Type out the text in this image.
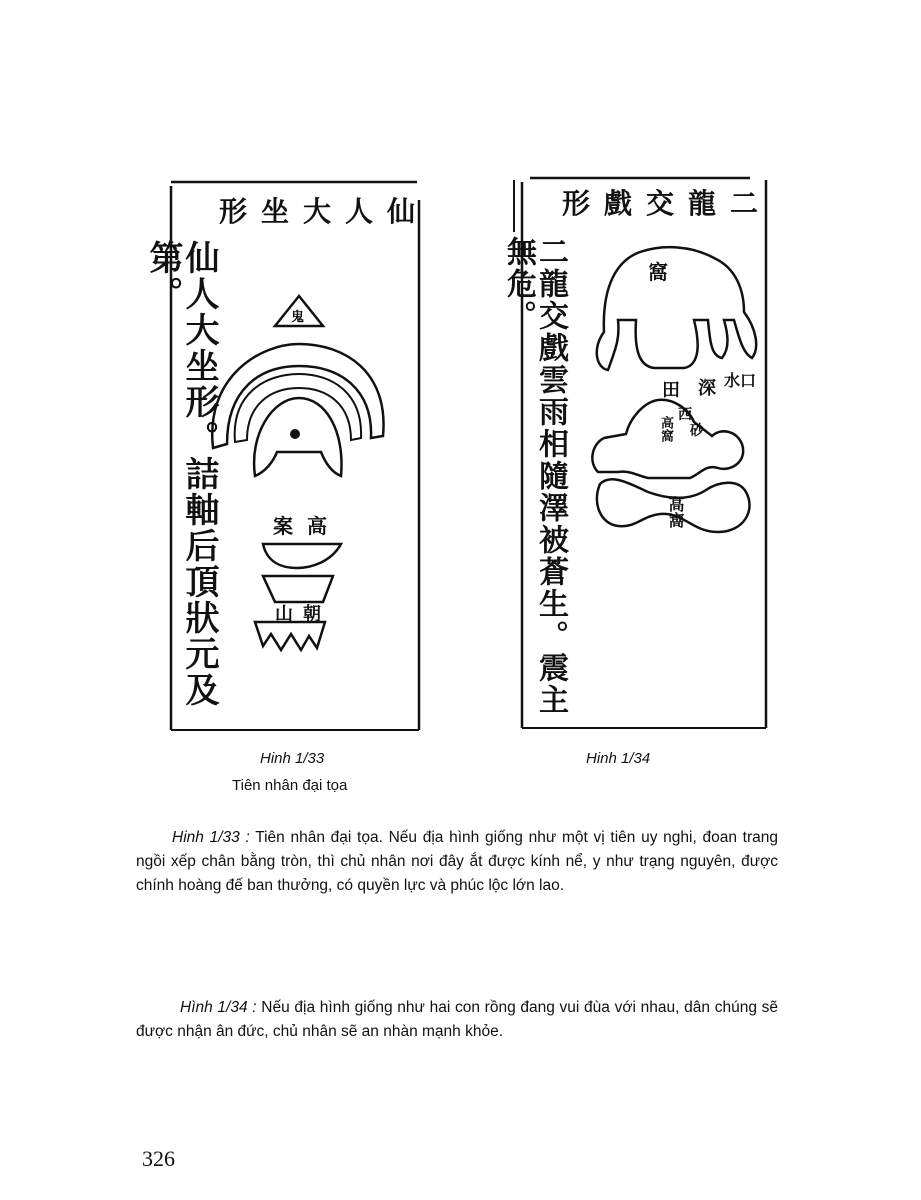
形坐大人仙
仙人大坐形。詰軸后頂狀元及第。
鬼
案高
山朝
Hinh 1/33
Tiên nhân đại tọa
形戲交龍二
二龍交戲雲雨相隨澤被蒼生。震主無危。	窩
水口
深
田
西
砂
高窩
高窩
Hinh 1/34
Hinh 1/33 : Tiên nhân đại tọa. Nếu địa hình giống như một vị tiên uy nghi, đoan trang ngồi xếp chân bằng tròn, thì chủ nhân nơi đây ắt được kính nể, y như trạng nguyên, được chính hoàng đế ban thưởng, có quyền lực và phúc lộc lớn lao.
Hình 1/34 : Nếu địa hình giống như hai con rồng đang vui đùa với nhau, dân chúng sẽ được nhận ân đức, chủ nhân sẽ an nhàn mạnh khỏe.
326
